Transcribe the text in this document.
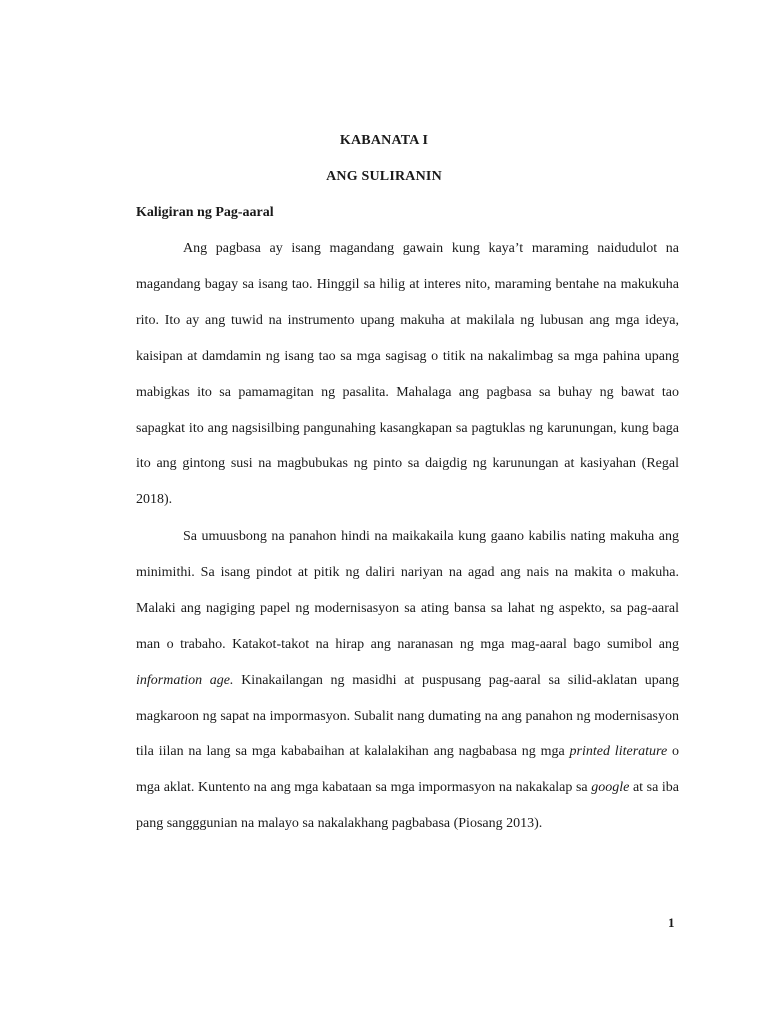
KABANATA I
ANG SULIRANIN
Kaligiran ng Pag-aaral

Ang pagbasa ay isang magandang gawain kung kaya’t maraming naidudulot na magandang bagay sa isang tao. Hinggil sa hilig at interes nito, maraming bentahe na makukuha rito. Ito ay ang tuwid na instrumento upang makuha at makilala ng lubusan ang mga ideya, kaisipan at damdamin ng isang tao sa mga sagisag o titik na nakalimbag sa mga pahina upang mabigkas ito sa pamamagitan ng pasalita. Mahalaga ang pagbasa sa buhay ng bawat tao sapagkat ito ang nagsisilbing pangunahing kasangkapan sa pagtuklas ng karunungan, kung baga ito ang gintong susi na magbubukas ng pinto sa daigdig ng karunungan at kasiyahan (Regal 2018).

Sa umuusbong na panahon hindi na maikakaila kung gaano kabilis nating makuha ang minimithi. Sa isang pindot at pitik ng daliri nariyan na agad ang nais na makita o makuha. Malaki ang nagiging papel ng modernisasyon sa ating bansa sa lahat ng aspekto, sa pag-aaral man o trabaho. Katakot-takot na hirap ang naranasan ng mga mag-aaral bago sumibol ang information age. Kinakailangan ng masidhi at puspusang pag-aaral sa silid-aklatan upang magkaroon ng sapat na impormasyon. Subalit nang dumating na ang panahon ng modernisasyon tila iilan na lang sa mga kababaihan at kalalakihan ang nagbabasa ng mga printed literature o mga aklat. Kuntento na ang mga kabataan sa mga impormasyon na nakakalap sa google at sa iba pang sangggunian na malayo sa nakalakhang pagbabasa (Piosang 2013).

1
